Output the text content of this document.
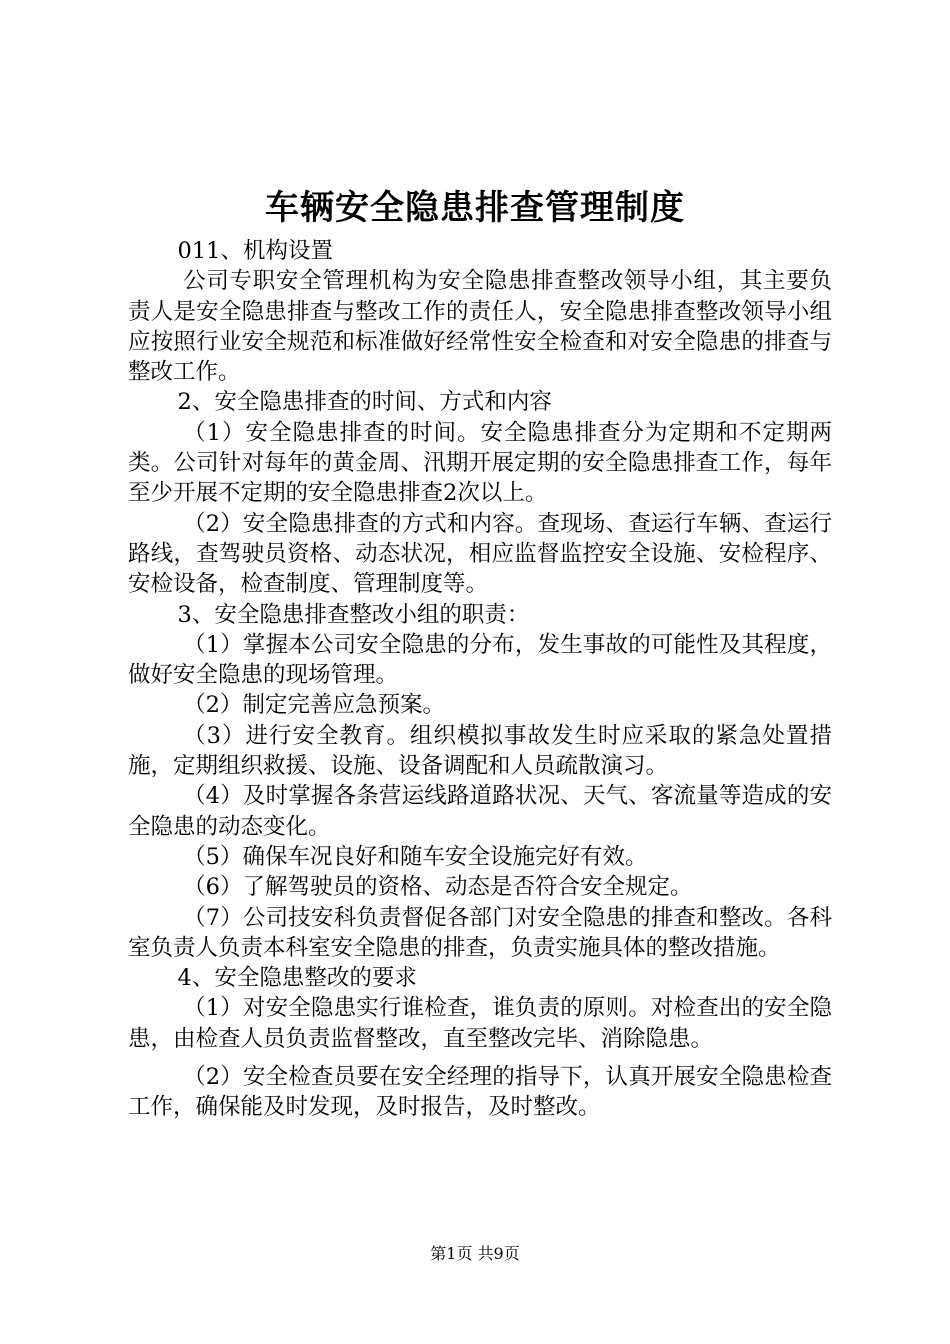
车辆安全隐患排查管理制度

011、机构设置

公司专职安全管理机构为安全隐患排查整改领导小组，其主要负责人是安全隐患排查与整改工作的责任人，安全隐患排查整改领导小组应按照行业安全规范和标准做好经常性安全检查和对安全隐患的排查与整改工作。

2、安全隐患排查的时间、方式和内容

（1）安全隐患排查的时间。安全隐患排查分为定期和不定期两类。公司针对每年的黄金周、汛期开展定期的安全隐患排查工作，每年至少开展不定期的安全隐患排查2次以上。

（2）安全隐患排查的方式和内容。查现场、查运行车辆、查运行路线，查驾驶员资格、动态状况，相应监督监控安全设施、安检程序、安检设备，检查制度、管理制度等。

3、安全隐患排查整改小组的职责：

（1）掌握本公司安全隐患的分布，发生事故的可能性及其程度，做好安全隐患的现场管理。

（2）制定完善应急预案。

（3）进行安全教育。组织模拟事故发生时应采取的紧急处置措施，定期组织救援、设施、设备调配和人员疏散演习。

（4）及时掌握各条营运线路道路状况、天气、客流量等造成的安全隐患的动态变化。

（5）确保车况良好和随车安全设施完好有效。

（6）了解驾驶员的资格、动态是否符合安全规定。

（7）公司技安科负责督促各部门对安全隐患的排查和整改。各科室负责人负责本科室安全隐患的排查，负责实施具体的整改措施。

4、安全隐患整改的要求

（1）对安全隐患实行谁检查，谁负责的原则。对检查出的安全隐患，由检查人员负责监督整改，直至整改完毕、消除隐患。

（2）安全检查员要在安全经理的指导下，认真开展安全隐患检查工作，确保能及时发现，及时报告，及时整改。

第1页 共9页
